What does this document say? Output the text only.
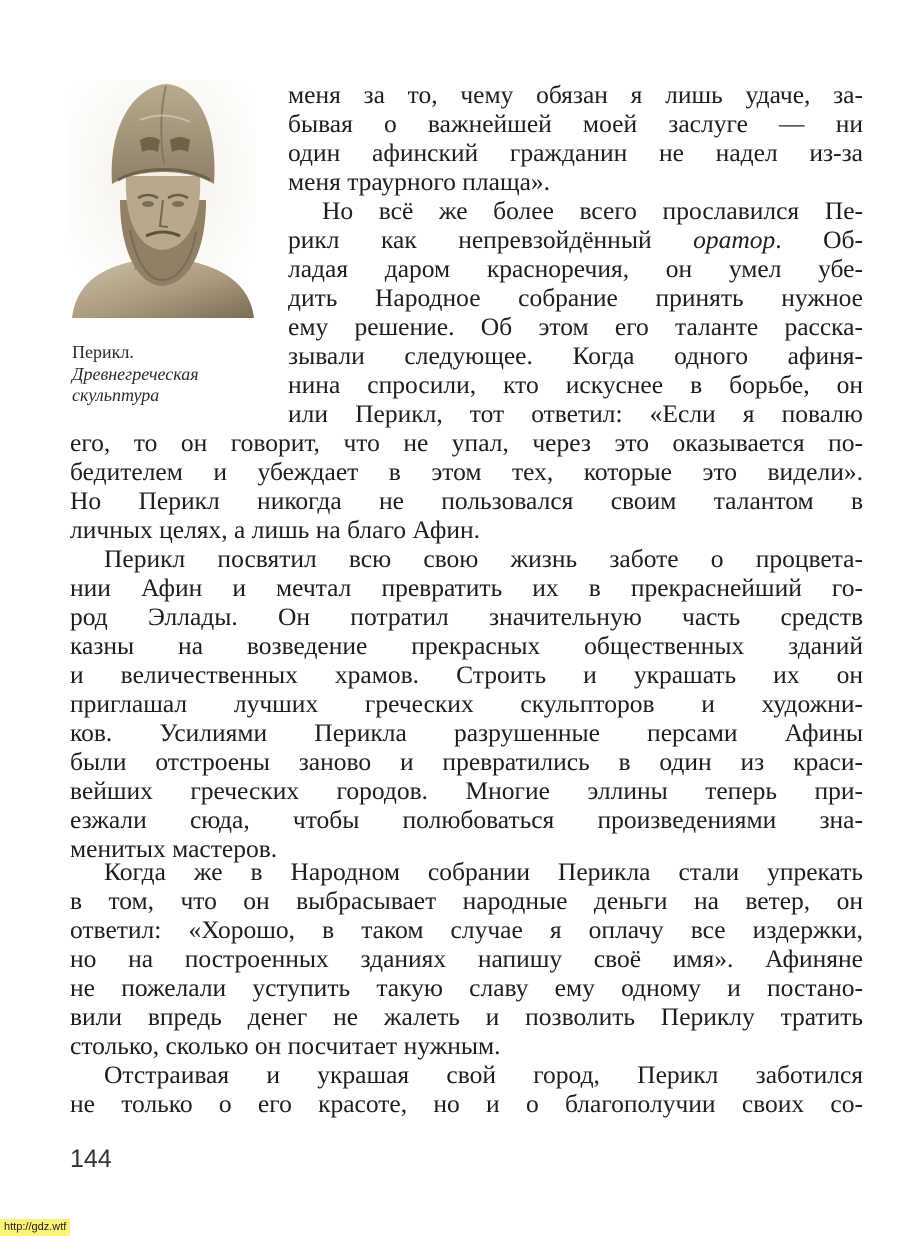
Перикл.
Древнегреческая
скульптура
меня за то, чему обязан я лишь удаче, за-
бывая о важнейшей моей заслуге — ни
один афинский гражданин не надел из-за
меня траурного плаща».
Но всё же более всего прославился Пе-
рикл как непревзойдённый оратор. Об-
ладая даром красноречия, он умел убе-
дить Народное собрание принять нужное
ему решение. Об этом его таланте расска-
зывали следующее. Когда одного афиня-
нина спросили, кто искуснее в борьбе, он
или Перикл, тот ответил: «Если я повалю
его, то он говорит, что не упал, через это оказывается по-
бедителем и убеждает в этом тех, которые это видели».
Но Перикл никогда не пользовался своим талантом в
личных целях, а лишь на благо Афин.
Перикл посвятил всю свою жизнь заботе о процвета-
нии Афин и мечтал превратить их в прекраснейший го-
род Эллады. Он потратил значительную часть средств
казны на возведение прекрасных общественных зданий
и величественных храмов. Строить и украшать их он
приглашал лучших греческих скульпторов и художни-
ков. Усилиями Перикла разрушенные персами Афины
были отстроены заново и превратились в один из краси-
вейших греческих городов. Многие эллины теперь при-
езжали сюда, чтобы полюбоваться произведениями зна-
менитых мастеров.
Когда же в Народном собрании Перикла стали упрекать
в том, что он выбрасывает народные деньги на ветер, он
ответил: «Хорошо, в таком случае я оплачу все издержки,
но на построенных зданиях напишу своё имя». Афиняне
не пожелали уступить такую славу ему одному и постано-
вили впредь денег не жалеть и позволить Периклу тратить
столько, сколько он посчитает нужным.
Отстраивая и украшая свой город, Перикл заботился
не только о его красоте, но и о благополучии своих со-
144
http://gdz.wtf
